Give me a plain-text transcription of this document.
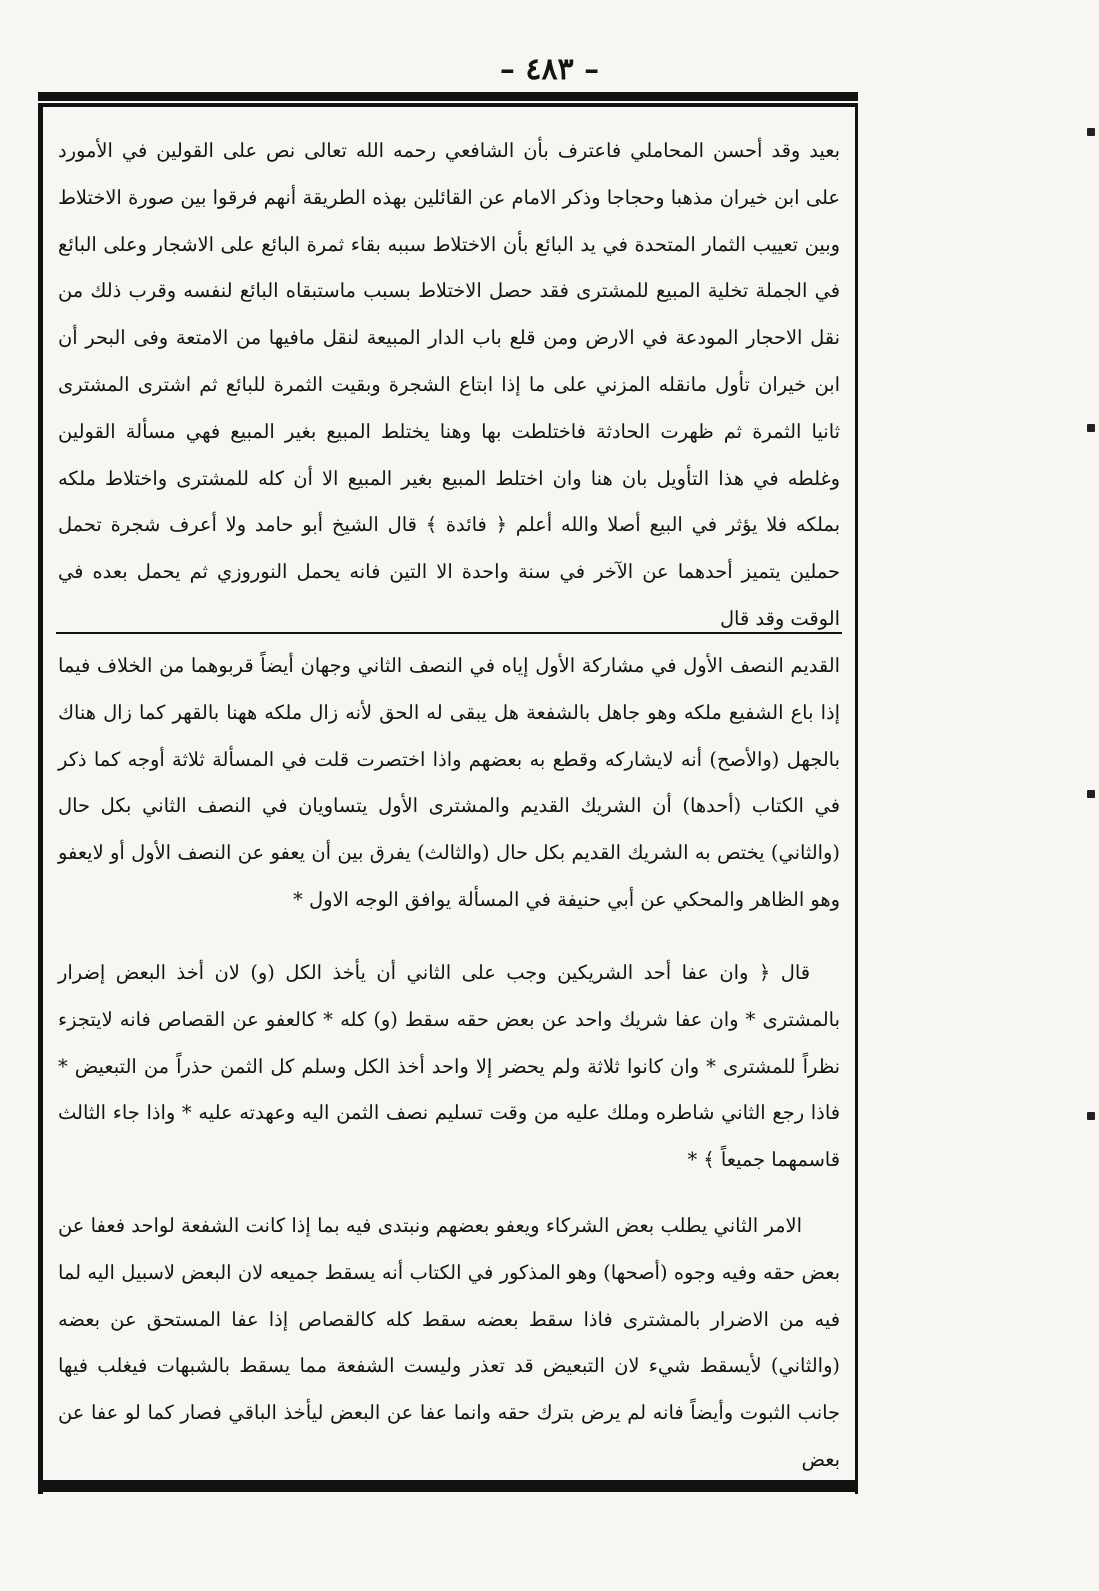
– ٤٨٣ –

بعيد وقد أحسن المحاملي فاعترف بأن الشافعي رحمه الله تعالى نص على القولين في الأمورد على ابن خيران مذهبا وحجاجا وذكر الامام عن القائلين بهذه الطريقة أنهم فرقوا بين صورة الاختلاط وبين تعييب الثمار المتحدة في يد البائع بأن الاختلاط سببه بقاء ثمرة البائع على الاشجار وعلى البائع في الجملة تخلية المبيع للمشترى فقد حصل الاختلاط بسبب ماستبقاه البائع لنفسه وقرب ذلك من نقل الاحجار المودعة في الارض ومن قلع باب الدار المبيعة لنقل مافيها من الامتعة وفى البحر أن ابن خيران تأول مانقله المزني على ما إذا ابتاع الشجرة وبقيت الثمرة للبائع ثم اشترى المشترى ثانيا الثمرة ثم ظهرت الحادثة فاختلطت بها وهنا يختلط المبيع بغير المبيع فهي مسألة القولين وغلطه في هذا التأويل بان هنا وان اختلط المبيع بغير المبيع الا أن كله للمشترى واختلاط ملكه بملكه فلا يؤثر في البيع أصلا والله أعلم ﴿ فائدة ﴾ قال الشيخ أبو حامد ولا أعرف شجرة تحمل حملين يتميز أحدهما عن الآخر في سنة واحدة الا التين فانه يحمل النوروزي ثم يحمل بعده في الوقت وقد قال

القديم النصف الأول في مشاركة الأول إياه في النصف الثاني وجهان أيضاً قربوهما من الخلاف فيما إذا باع الشفيع ملكه وهو جاهل بالشفعة هل يبقى له الحق لأنه زال ملكه ههنا بالقهر كما زال هناك بالجهل (والأصح) أنه لايشاركه وقطع به بعضهم واذا اختصرت قلت في المسألة ثلاثة أوجه كما ذكر في الكتاب (أحدها) أن الشريك القديم والمشترى الأول يتساويان في النصف الثاني بكل حال (والثاني) يختص به الشريك القديم بكل حال (والثالث) يفرق بين أن يعفو عن النصف الأول أو لايعفو وهو الظاهر والمحكي عن أبي حنيفة في المسألة يوافق الوجه الاول *

قال ﴿ وان عفا أحد الشريكين وجب على الثاني أن يأخذ الكل (و) لان أخذ البعض إضرار بالمشترى * وان عفا شريك واحد عن بعض حقه سقط (و) كله * كالعفو عن القصاص فانه لايتجزء نظراً للمشترى * وان كانوا ثلاثة ولم يحضر إلا واحد أخذ الكل وسلم كل الثمن حذراً من التبعيض * فاذا رجع الثاني شاطره وملك عليه من وقت تسليم نصف الثمن اليه وعهدته عليه * واذا جاء الثالث قاسمهما جميعاً ﴾ *

الامر الثاني يطلب بعض الشركاء ويعفو بعضهم ونبتدى فيه بما إذا كانت الشفعة لواحد فعفا عن بعض حقه وفيه وجوه (أصحها) وهو المذكور في الكتاب أنه يسقط جميعه لان البعض لاسبيل اليه لما فيه من الاضرار بالمشترى فاذا سقط بعضه سقط كله كالقصاص إذا عفا المستحق عن بعضه (والثاني) لأيسقط شيء لان التبعيض قد تعذر وليست الشفعة مما يسقط بالشبهات فيغلب فيها جانب الثبوت وأيضاً فانه لم يرض بترك حقه وانما عفا عن البعض ليأخذ الباقي فصار كما لو عفا عن بعض
